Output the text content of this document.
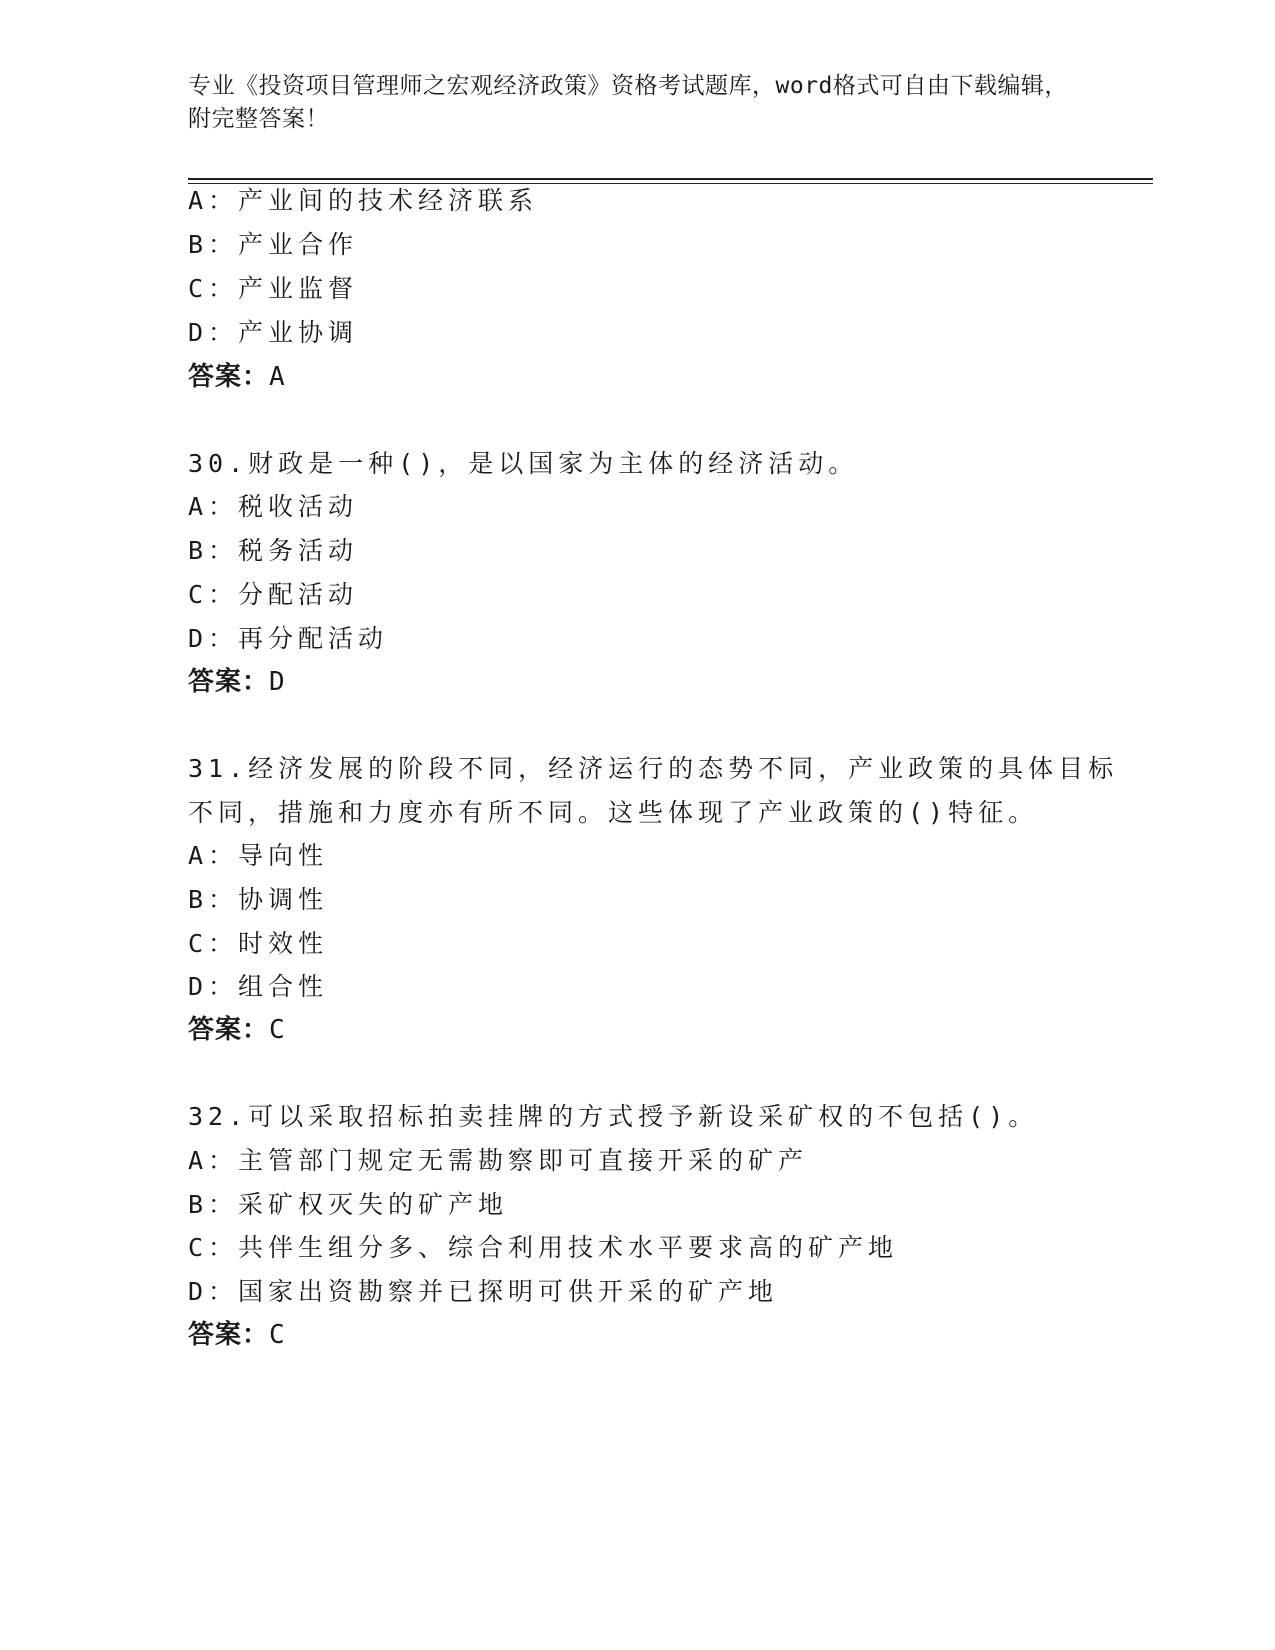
专业《投资项目管理师之宏观经济政策》资格考试题库，word格式可自由下载编辑，附完整答案！
A：产业间的技术经济联系
B：产业合作
C：产业监督
D：产业协调
答案：A
30.财政是一种()，是以国家为主体的经济活动。
A：税收活动
B：税务活动
C：分配活动
D：再分配活动
答案：D
31.经济发展的阶段不同，经济运行的态势不同，产业政策的具体目标
不同，措施和力度亦有所不同。这些体现了产业政策的()特征。
A：导向性
B：协调性
C：时效性
D：组合性
答案：C
32.可以采取招标拍卖挂牌的方式授予新设采矿权的不包括()。
A：主管部门规定无需勘察即可直接开采的矿产
B：采矿权灭失的矿产地
C：共伴生组分多、综合利用技术水平要求高的矿产地
D：国家出资勘察并已探明可供开采的矿产地
答案：C
